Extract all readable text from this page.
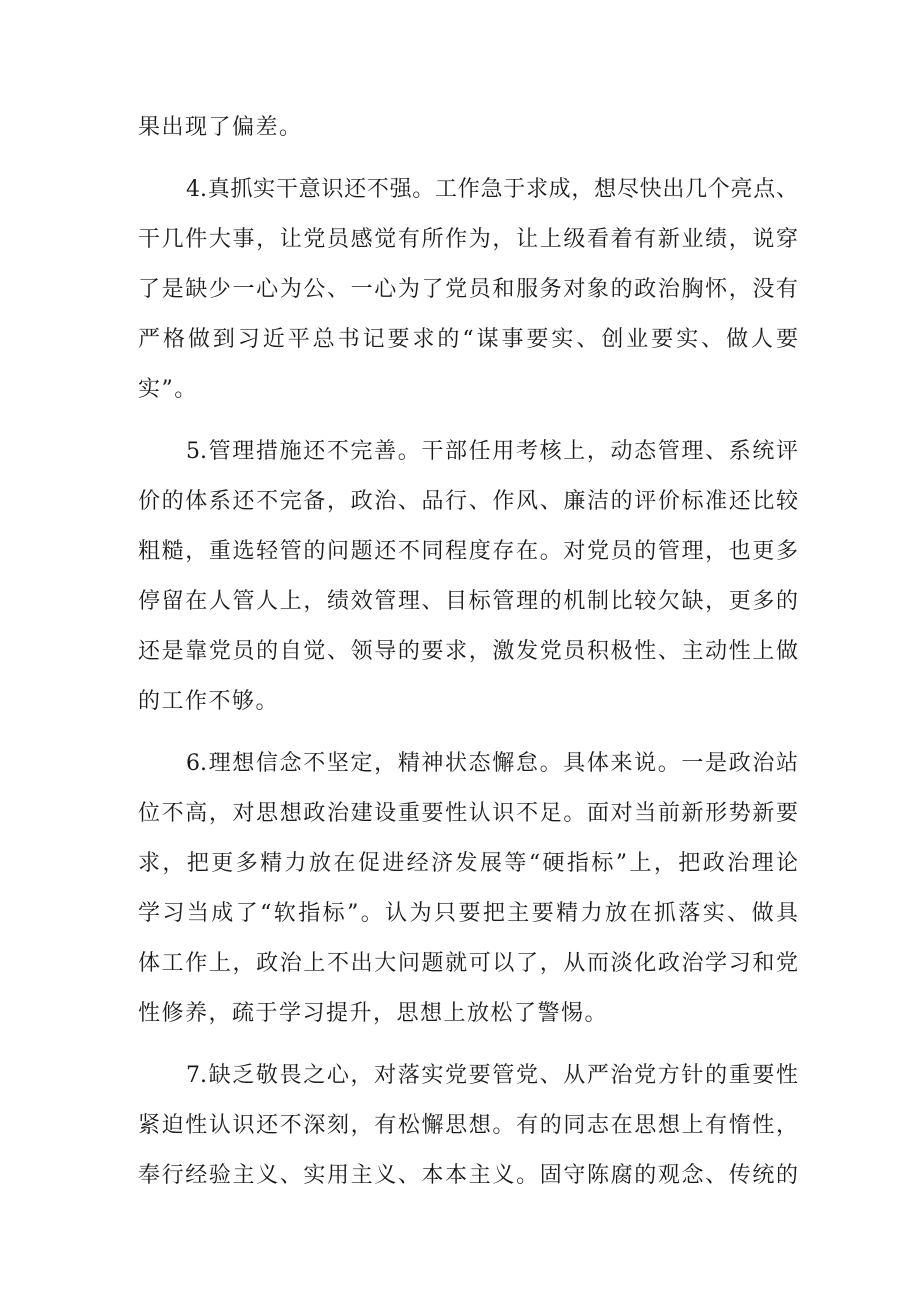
果出现了偏差。
4.真抓实干意识还不强。工作急于求成，想尽快出几个亮点、
干几件大事，让党员感觉有所作为，让上级看着有新业绩，说穿
了是缺少一心为公、一心为了党员和服务对象的政治胸怀，没有
严格做到习近平总书记要求的“谋事要实、创业要实、做人要
实”。
5.管理措施还不完善。干部任用考核上，动态管理、系统评
价的体系还不完备，政治、品行、作风、廉洁的评价标准还比较
粗糙，重选轻管的问题还不同程度存在。对党员的管理，也更多
停留在人管人上，绩效管理、目标管理的机制比较欠缺，更多的
还是靠党员的自觉、领导的要求，激发党员积极性、主动性上做
的工作不够。
6.理想信念不坚定，精神状态懈怠。具体来说。一是政治站
位不高，对思想政治建设重要性认识不足。面对当前新形势新要
求，把更多精力放在促进经济发展等“硬指标”上，把政治理论
学习当成了“软指标”。认为只要把主要精力放在抓落实、做具
体工作上，政治上不出大问题就可以了，从而淡化政治学习和党
性修养，疏于学习提升，思想上放松了警惕。
7.缺乏敬畏之心，对落实党要管党、从严治党方针的重要性
紧迫性认识还不深刻，有松懈思想。有的同志在思想上有惰性，
奉行经验主义、实用主义、本本主义。固守陈腐的观念、传统的
